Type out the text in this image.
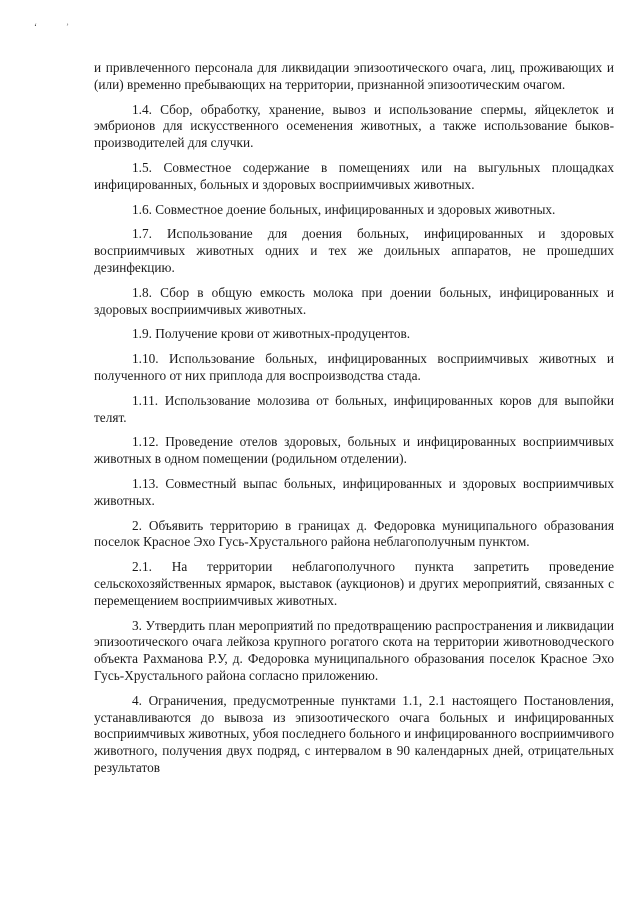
‘	’

и привлеченного персонала для ликвидации эпизоотического очага, лиц, проживающих и (или) временно пребывающих на территории, признанной эпизоотическим очагом.

1.4. Сбор, обработку, хранение, вывоз и использование спермы, яйцеклеток и эмбрионов для искусственного осеменения животных, а также использование быков-производителей для случки.

1.5. Совместное содержание в помещениях или на выгульных площадках инфицированных, больных и здоровых восприимчивых животных.

1.6. Совместное доение больных, инфицированных и здоровых животных.

1.7. Использование для доения больных, инфицированных и здоровых восприимчивых животных одних и тех же доильных аппаратов, не прошедших дезинфекцию.

1.8. Сбор в общую емкость молока при доении больных, инфицированных и здоровых восприимчивых животных.

1.9. Получение крови от животных-продуцентов.

1.10. Использование больных, инфицированных восприимчивых животных и полученного от них приплода для воспроизводства стада.

1.11. Использование молозива от больных, инфицированных коров для выпойки телят.

1.12. Проведение отелов здоровых, больных и инфицированных восприимчивых животных в одном помещении (родильном отделении).

1.13. Совместный выпас больных, инфицированных и здоровых восприимчивых животных.

2. Объявить территорию в границах д. Федоровка муниципального образования поселок Красное Эхо Гусь-Хрустального района неблагополучным пунктом.

2.1. На территории неблагополучного пункта запретить проведение сельскохозяйственных ярмарок, выставок (аукционов) и других мероприятий, связанных с перемещением восприимчивых животных.

3. Утвердить план мероприятий по предотвращению распространения и ликвидации эпизоотического очага лейкоза крупного рогатого скота на территории животноводческого объекта Рахманова Р.У, д. Федоровка муниципального образования поселок Красное Эхо Гусь-Хрустального района согласно приложению.

4. Ограничения, предусмотренные пунктами 1.1, 2.1 настоящего Постановления, устанавливаются до вывоза из эпизоотического очага больных и инфицированных восприимчивых животных, убоя последнего больного и инфицированного восприимчивого животного, получения двух подряд, с интервалом в 90 календарных дней, отрицательных результатов
